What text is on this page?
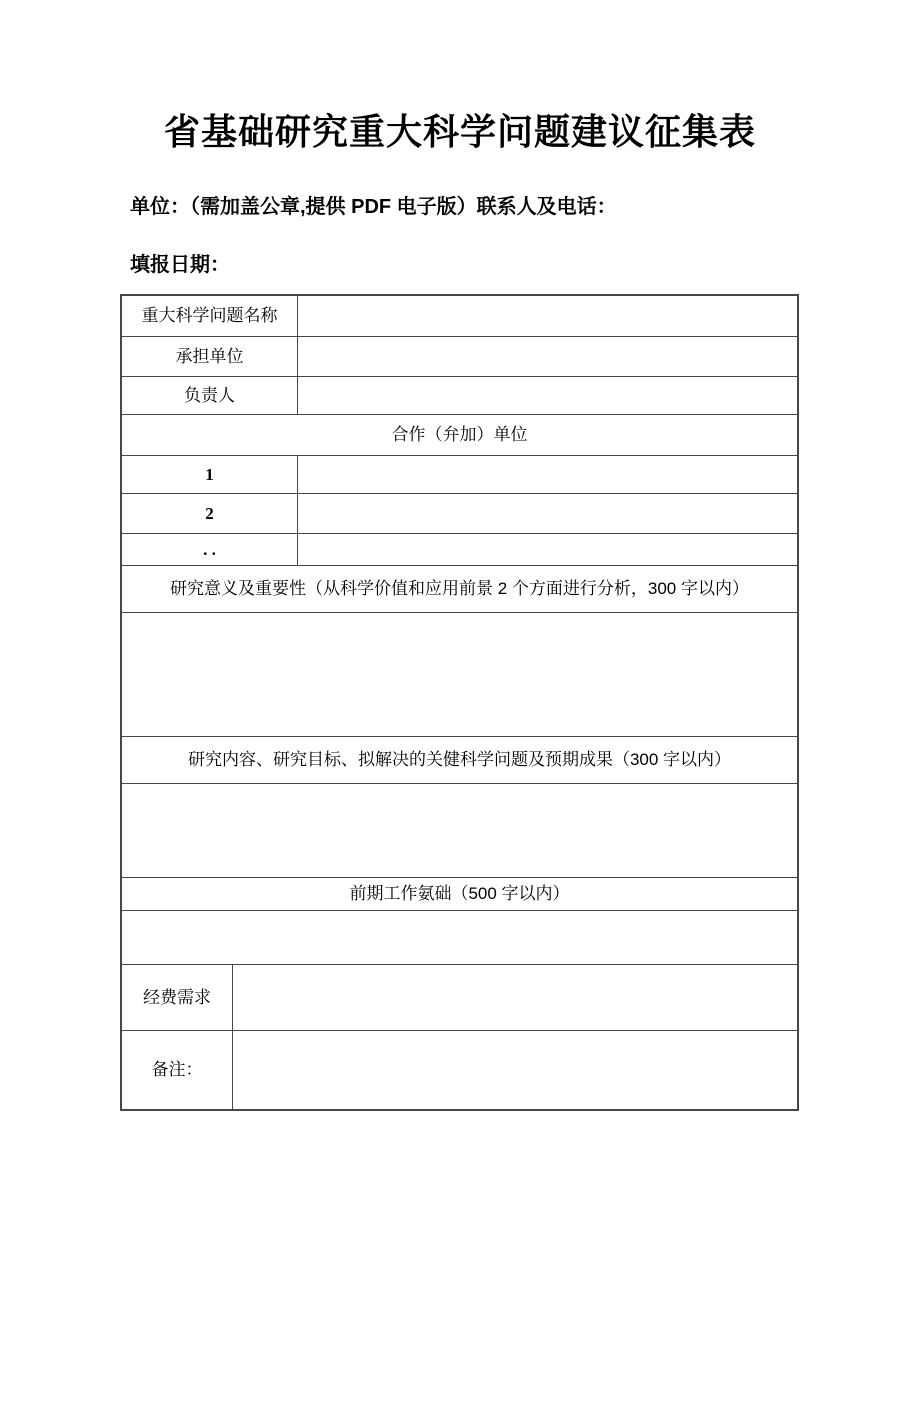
省基础研究重大科学问题建议征集表
单位：（需加盖公章,提供 PDF 电子版）联系人及电话：
填报日期：
重大科学问题名称
承担单位
负责人
合作（弁加）单位
1
2
. .
研究意义及重要性（从科学价值和应用前景 2 个方面进行分析，300 字以内）
研究内容、研究目标、拟解决的关健科学问题及预期成果（300 字以内）
前期工作氨础（500 字以内）
经费需求
备注：
